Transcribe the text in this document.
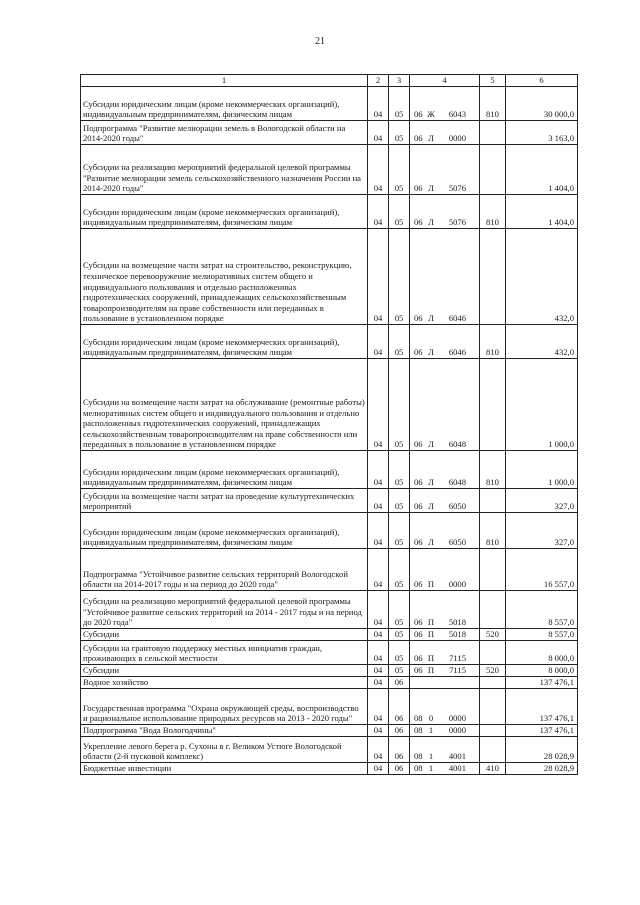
21
1	2	3	4	5	6
Субсидии юридическим лицам (кроме некоммерческих организаций), индивидуальным предпринимателям, физическим лицам	04	05	06 Ж 6043	810	30 000,0
Подпрограмма "Развитие мелиорации земель в Вологодской области на 2014-2020 годы"	04	05	06 Л 0000		3 163,0
Субсидии на реализацию мероприятий федеральной целевой программы "Развитие мелиорации земель сельскохозяйственного назначения России на 2014-2020 годы"	04	05	06 Л 5076		1 404,0
Субсидии юридическим лицам (кроме некоммерческих организаций), индивидуальным предпринимателям, физическим лицам	04	05	06 Л 5076	810	1 404,0
Субсидии на возмещение части затрат на строительство, реконструкцию, техническое перевооружение мелиоративных систем общего и индивидуального пользования и отдельно расположенных гидротехнических сооружений, принадлежащих сельскохозяйственным товаропроизводителям на праве собственности или переданных в пользование в установленном порядке	04	05	06 Л 6046		432,0
Субсидии юридическим лицам (кроме некоммерческих организаций), индивидуальным предпринимателям, физическим лицам	04	05	06 Л 6046	810	432,0
Субсидии на возмещение части затрат на обслуживание (ремонтные работы) мелиоративных систем общего и индивидуального пользования и отдельно расположенных гидротехнических сооружений, принадлежащих сельскохозяйственным товаропроизводителям на праве собственности или переданных в пользование в установленном порядке	04	05	06 Л 6048		1 000,0
Субсидии юридическим лицам (кроме некоммерческих организаций), индивидуальным предпринимателям, физическим лицам	04	05	06 Л 6048	810	1 000,0
Субсидии на возмещение части затрат на проведение культуртехнических мероприятий	04	05	06 Л 6050		327,0
Субсидии юридическим лицам (кроме некоммерческих организаций), индивидуальным предпринимателям, физическим лицам	04	05	06 Л 6050	810	327,0
Подпрограмма "Устойчивое развитие сельских территорий Вологодской области на 2014-2017 годы и на период до 2020 года"	04	05	06 П 0000		16 557,0
Субсидии на реализацию мероприятий федеральной целевой программы "Устойчивое развитие сельских территорий на 2014 - 2017 годы и на период до 2020 года"	04	05	06 П 5018		8 557,0
Субсидии	04	05	06 П 5018	520	8 557,0
Субсидии на грантовую поддержку местных инициатив граждан, проживающих в сельской местности	04	05	06 П 7115		8 000,0
Субсидии	04	05	06 П 7115	520	8 000,0
Водное хозяйство	04	06			137 476,1
Государственная программа "Охрана окружающей среды, воспроизводство и рациональное использование природных ресурсов на 2013 - 2020 годы"	04	06	08 0 0000		137 476,1
Подпрограмма "Вода Вологодчины"	04	06	08 1 0000		137 476,1
Укрепление левого берега р. Сухоны в г. Великом Устюге Вологодской области (2-й пусковой комплекс)	04	06	08 1 4001		28 028,9
Бюджетные инвестиции	04	06	08 1 4001	410	28 028,9
